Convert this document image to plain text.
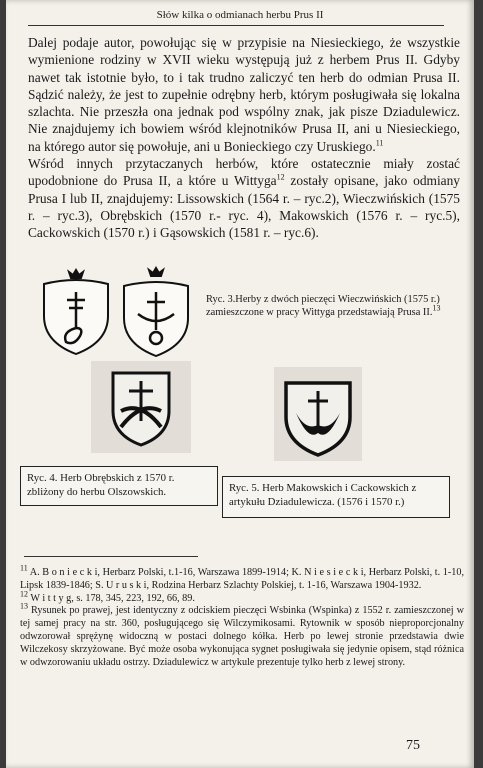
Słów kilka o odmianach herbu Prus II

Dalej podaje autor, powołując się w przypisie na Niesieckiego, że wszystkie wymienione rodziny w XVII wieku występują już z herbem Prus II. Gdyby nawet tak istotnie było, to i tak trudno zaliczyć ten herb do odmian Prusa II. Sądzić należy, że jest to zupełnie odrębny herb, którym posługiwała się lokalna szlachta. Nie przeszła ona jednak pod wspólny znak, jak pisze Dziadulewicz. Nie znajdujemy ich bowiem wśród klejnotników Prusa II, ani u Niesieckiego, na którego autor się powołuje, ani u Bonieckiego czy Uruskiego.$^{11}$

Wśród innych przytaczanych herbów, które ostatecznie miały zostać upodobnione do Prusa II, a które u Wittyga$^{12}$ zostały opisane, jako odmiany Prusa I lub II, znajdujemy: Lissowskich (1564 r. – ryc.2), Wieczwińskich (1575 r. – ryc.3), Obrębskich (1570 r.- ryc. 4), Makowskich (1576 r. – ryc.5), Cackowskich (1570 r.) i Gąsowskich (1581 r. – ryc.6).

Ryc. 3.Herby z dwóch pieczęci Wieczwińskich (1575 r.) zamieszczone w pracy Wittyga przedstawiają Prusa II.$^{13}$
Ryc. 4. Herb Obrębskich z 1570 r. zbliżony do herbu Olszowskich.	Ryc. 5. Herb Makowskich i Cackowskich z artykułu Dziadulewicza. (1576 i 1570 r.)

$^{11}$ A. B o n i e c k i, Herbarz Polski, t.1-16, Warszawa 1899-1914; K. N i e s i e c k i, Herbarz Polski, t. 1-10, Lipsk 1839-1846; S. U r u s k i, Rodzina Herbarz Szlachty Polskiej, t. 1-16, Warszawa 1904-1932.

$^{12}$ W i t t y g, s. 178, 345, 223, 192, 66, 89.

$^{13}$ Rysunek po prawej, jest identyczny z odciskiem pieczęci Wsbinka (Wspinka) z 1552 r. zamieszczonej w tej samej pracy na str. 360, posługującego się Wilczymikosami. Rytownik w sposób nieproporcjonalny odwzorował sprężynę widoczną w postaci dolnego kółka. Herb po lewej stronie przedstawia dwie Wilczekosy skrzyżowane. Być może osoba wykonująca sygnet posługiwała się jedynie opisem, stąd różnica w odwzorowaniu układu ostrzy. Dziadulewicz w artykule prezentuje tylko herb z lewej strony.

75
